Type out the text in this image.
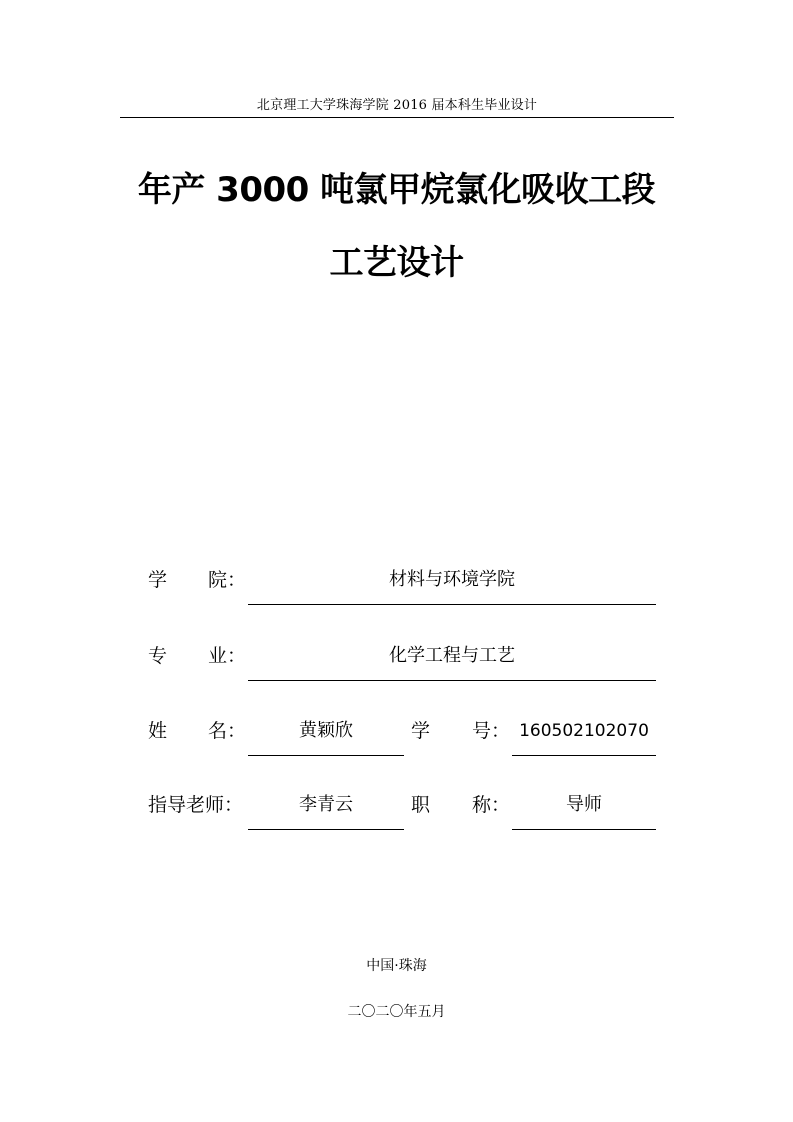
北京理工大学珠海学院 2016 届本科生毕业设计
年产 3000 吨氯甲烷氯化吸收工段
工艺设计
学 院：	材料与环境学院
专 业：	化学工程与工艺
姓 名：	黄颖欣	学 号： 160502102070
指导老师：	李青云	职 称：	导师
中国·珠海
二〇二〇年五月
